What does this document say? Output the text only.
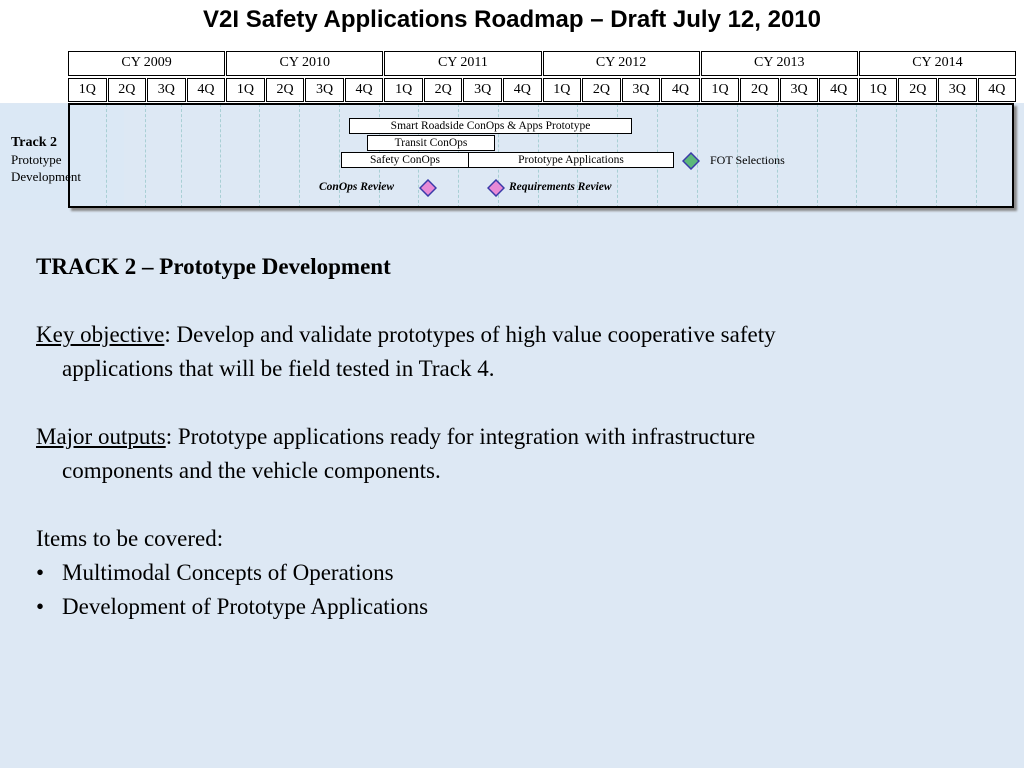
V2I Safety Applications Roadmap – Draft July 12, 2010
CY 2009	CY 2010	CY 2011	CY 2012	CY 2013	CY 2014
1Q	2Q	3Q	4Q	1Q	2Q	3Q	4Q	1Q	2Q	3Q	4Q	1Q	2Q	3Q	4Q	1Q	2Q	3Q	4Q	1Q	2Q	3Q	4Q
Track 2
Prototype
Development
Smart Roadside ConOps & Apps Prototype
Transit ConOps
Safety ConOps	Prototype Applications	FOT Selections
ConOps Review	Requirements Review
TRACK 2 – Prototype Development
Key objective: Develop and validate prototypes of high value cooperative safety
applications that will be field tested in Track 4.
Major outputs: Prototype applications ready for integration with infrastructure
components and the vehicle components.
Items to be covered:
• Multimodal Concepts of Operations
• Development of Prototype Applications
